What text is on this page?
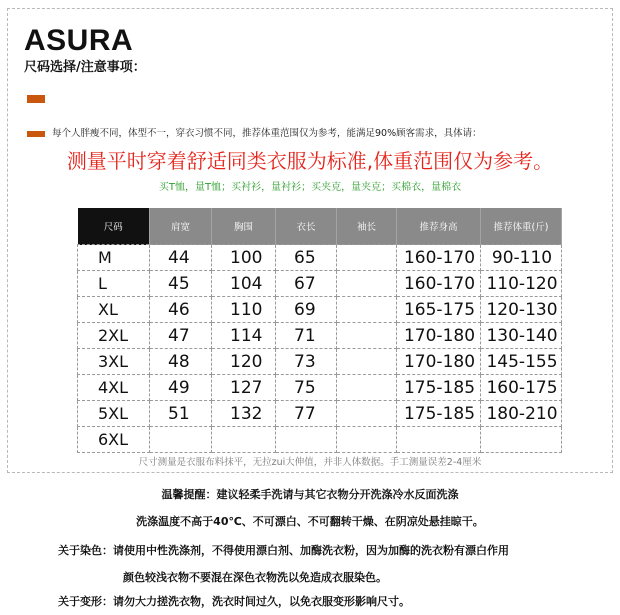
ASURA
尺码选择/注意事项：
每个人胖瘦不同，体型不一，穿衣习惯不同，推荐体重范围仅为参考，能满足90%顾客需求，具体请：
测量平时穿着舒适同类衣服为标准,体重范围仅为参考。
买T恤，量T恤；买衬衫，量衬衫；买夹克，量夹克；买棉衣，量棉衣
尺码	肩宽	胸围	衣长	袖长	推荐身高	推荐体重(斤)
M	44	100	65		160-170	90-110
L	45	104	67		160-170	110-120
XL	46	110	69		165-175	120-130
2XL	47	114	71		170-180	130-140
3XL	48	120	73		170-180	145-155
4XL	49	127	75		175-185	160-175
5XL	51	132	77		175-185	180-210
6XL						
尺寸测量是衣服布料抹平，无拉zui大伸值，并非人体数据。手工测量误差2-4厘米
温馨提醒：建议轻柔手洗请与其它衣物分开洗涤冷水反面洗涤
洗涤温度不高于40℃、不可漂白、不可翻转干燥、在阴凉处悬挂晾干。
关于染色：请使用中性洗涤剂，不得使用漂白剂、加酶洗衣粉，因为加酶的洗衣粉有漂白作用
颜色较浅衣物不要混在深色衣物洗以免造成衣服染色。
关于变形：请勿大力搓洗衣物，洗衣时间过久，以免衣服变形影响尺寸。
